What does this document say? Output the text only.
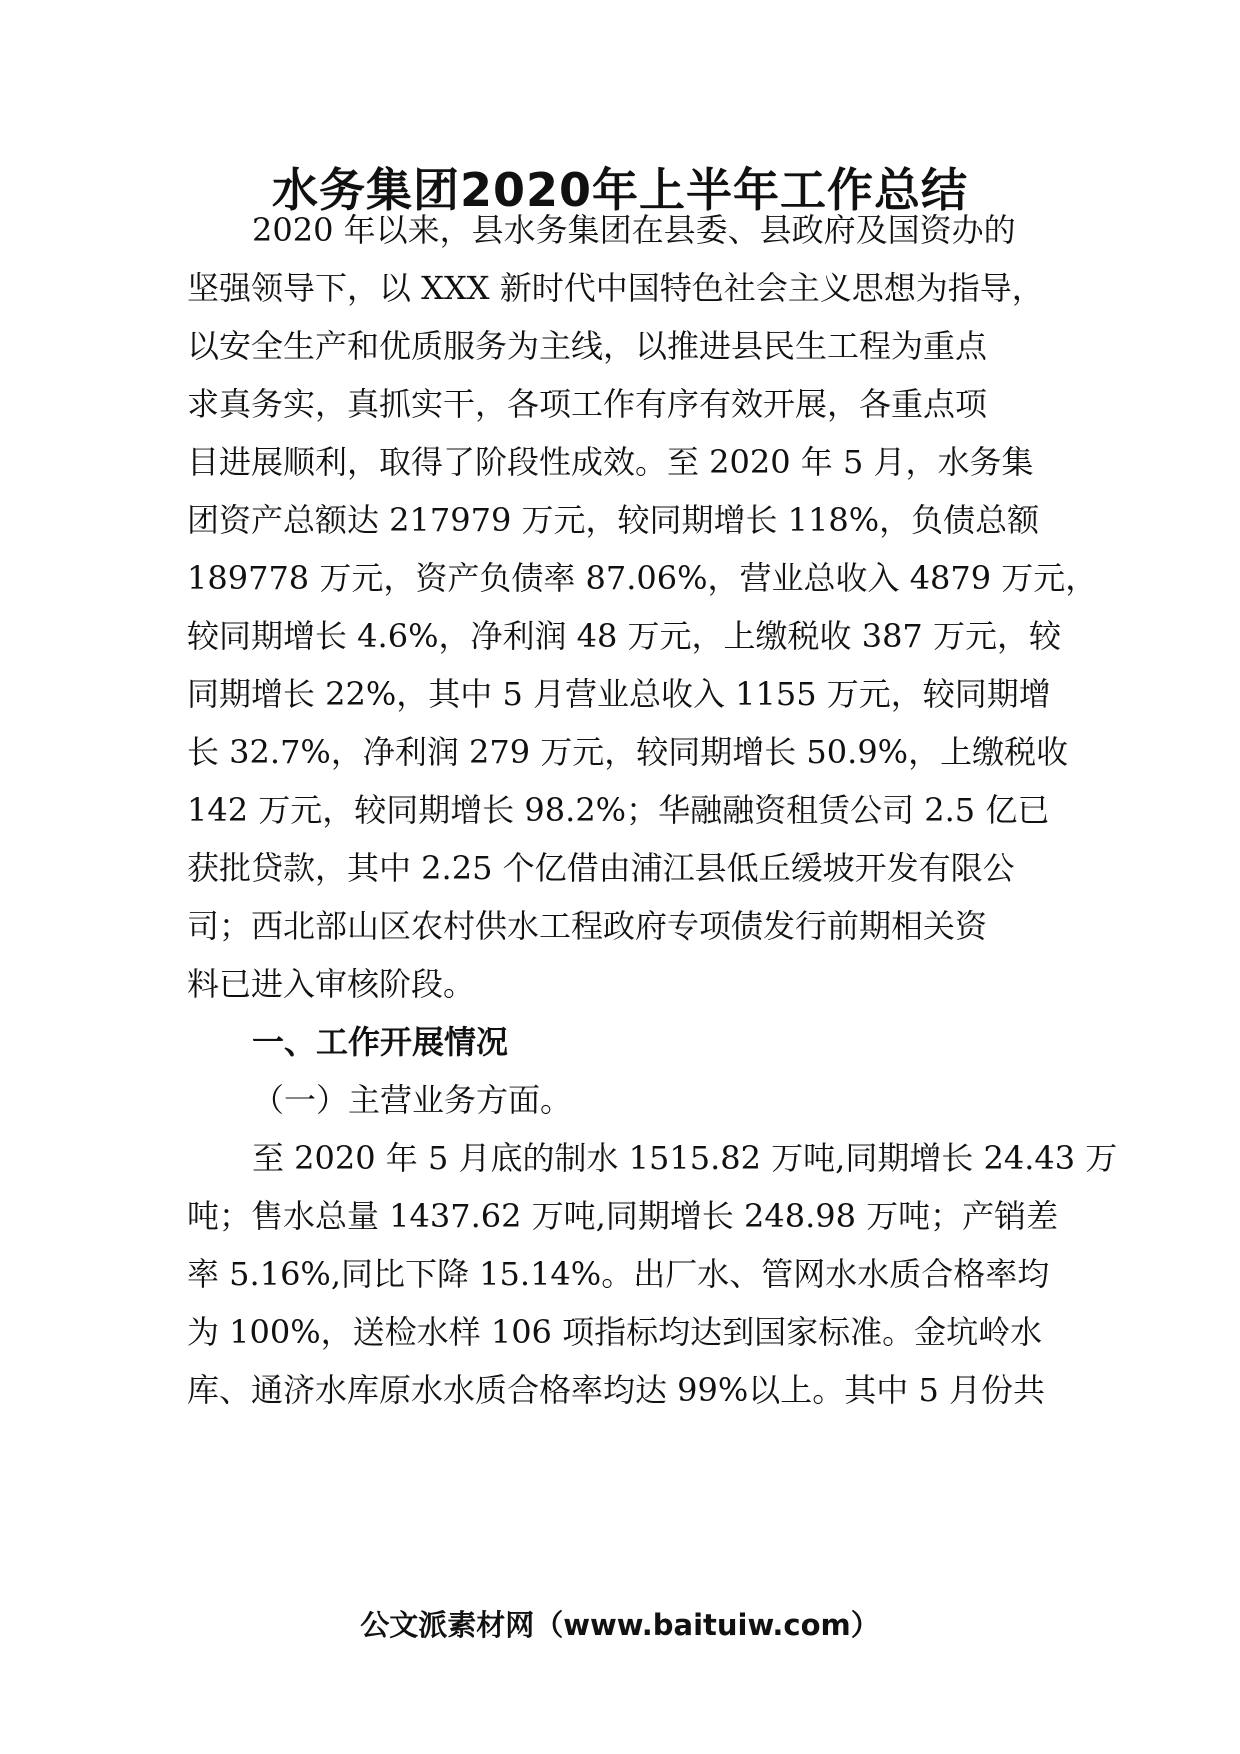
水务集团2020年上半年工作总结
2020 年以来，县水务集团在县委、县政府及国资办的
坚强领导下，以 XXX 新时代中国特色社会主义思想为指导，
以安全生产和优质服务为主线，以推进县民生工程为重点
求真务实，真抓实干，各项工作有序有效开展，各重点项
目进展顺利，取得了阶段性成效。至 2020 年 5 月，水务集
团资产总额达 217979 万元，较同期增长 118%，负债总额
189778 万元，资产负债率 87.06%，营业总收入 4879 万元，
较同期增长 4.6%，净利润 48 万元，上缴税收 387 万元，较
同期增长 22%，其中 5 月营业总收入 1155 万元，较同期增
长 32.7%，净利润 279 万元，较同期增长 50.9%，上缴税收
142 万元，较同期增长 98.2%；华融融资租赁公司 2.5 亿已
获批贷款，其中 2.25 个亿借由浦江县低丘缓坡开发有限公
司；西北部山区农村供水工程政府专项债发行前期相关资
料已进入审核阶段。
一、工作开展情况
（一）主营业务方面。
至 2020 年 5 月底的制水 1515.82 万吨,同期增长 24.43 万
吨；售水总量 1437.62 万吨,同期增长 248.98 万吨；产销差
率 5.16%,同比下降 15.14%。出厂水、管网水水质合格率均
为 100%，送检水样 106 项指标均达到国家标准。金坑岭水
库、通济水库原水水质合格率均达 99%以上。其中 5 月份共
公文派素材网（www.baituiw.com）
